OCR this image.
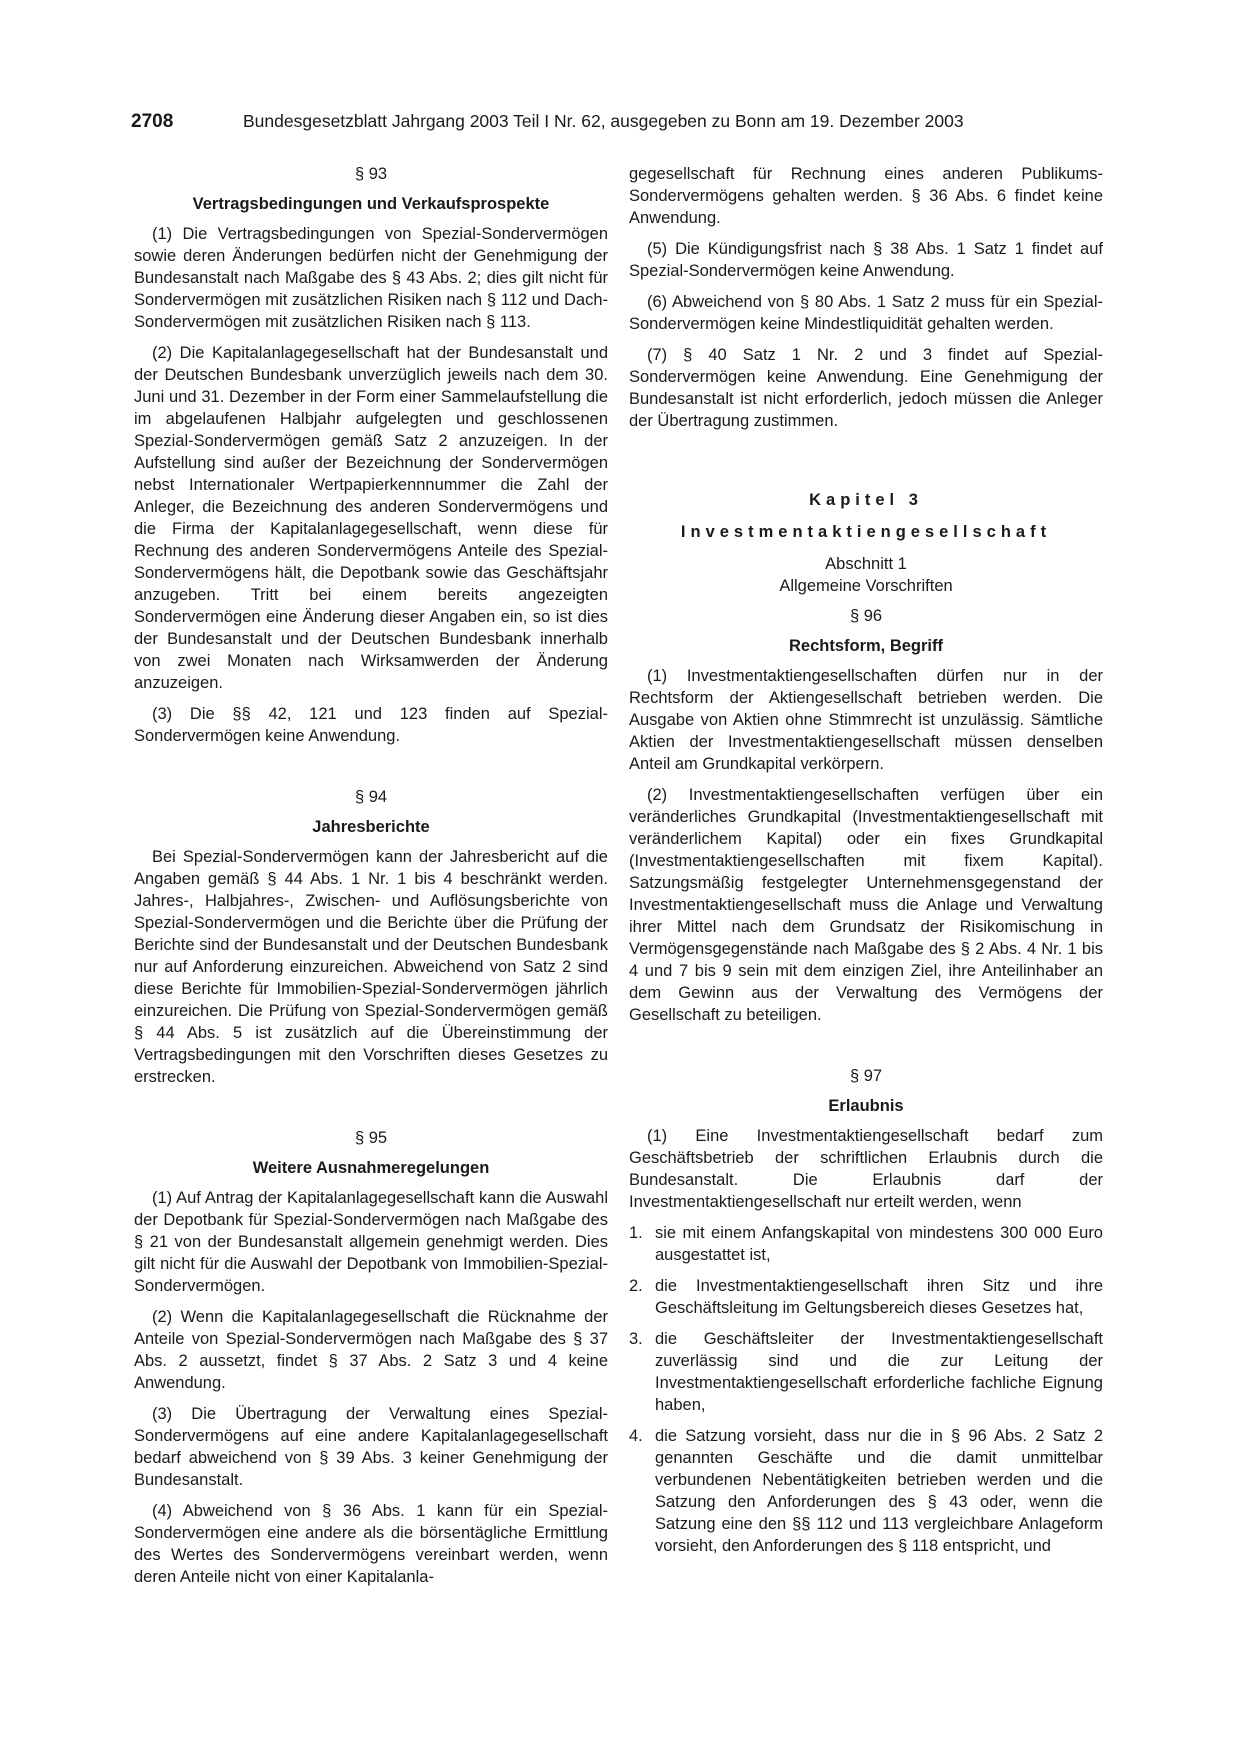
2708	Bundesgesetzblatt Jahrgang 2003 Teil I Nr. 62, ausgegeben zu Bonn am 19. Dezember 2003
§ 93
Vertragsbedingungen und Verkaufsprospekte

(1) Die Vertragsbedingungen von Spezial-Sondervermögen sowie deren Änderungen bedürfen nicht der Genehmigung der Bundesanstalt nach Maßgabe des § 43 Abs. 2; dies gilt nicht für Sondervermögen mit zusätzlichen Risiken nach § 112 und Dach-Sondervermögen mit zusätzlichen Risiken nach § 113.

(2) Die Kapitalanlagegesellschaft hat der Bundesanstalt und der Deutschen Bundesbank unverzüglich jeweils nach dem 30. Juni und 31. Dezember in der Form einer Sammelaufstellung die im abgelaufenen Halbjahr aufgelegten und geschlossenen Spezial-Sondervermögen gemäß Satz 2 anzuzeigen. In der Aufstellung sind außer der Bezeichnung der Sondervermögen nebst Internationaler Wertpapierkennnummer die Zahl der Anleger, die Bezeichnung des anderen Sondervermögens und die Firma der Kapitalanlagegesellschaft, wenn diese für Rechnung des anderen Sondervermögens Anteile des Spezial-Sondervermögens hält, die Depotbank sowie das Geschäftsjahr anzugeben. Tritt bei einem bereits angezeigten Sondervermögen eine Änderung dieser Angaben ein, so ist dies der Bundesanstalt und der Deutschen Bundesbank innerhalb von zwei Monaten nach Wirksamwerden der Änderung anzuzeigen.

(3) Die §§ 42, 121 und 123 finden auf Spezial-Sondervermögen keine Anwendung.

§ 94
Jahresberichte

Bei Spezial-Sondervermögen kann der Jahresbericht auf die Angaben gemäß § 44 Abs. 1 Nr. 1 bis 4 beschränkt werden. Jahres-, Halbjahres-, Zwischen- und Auflösungsberichte von Spezial-Sondervermögen und die Berichte über die Prüfung der Berichte sind der Bundesanstalt und der Deutschen Bundesbank nur auf Anforderung einzureichen. Abweichend von Satz 2 sind diese Berichte für Immobilien-Spezial-Sondervermögen jährlich einzureichen. Die Prüfung von Spezial-Sondervermögen gemäß § 44 Abs. 5 ist zusätzlich auf die Übereinstimmung der Vertragsbedingungen mit den Vorschriften dieses Gesetzes zu erstrecken.

§ 95
Weitere Ausnahmeregelungen

(1) Auf Antrag der Kapitalanlagegesellschaft kann die Auswahl der Depotbank für Spezial-Sondervermögen nach Maßgabe des § 21 von der Bundesanstalt allgemein genehmigt werden. Dies gilt nicht für die Auswahl der Depotbank von Immobilien-Spezial-Sondervermögen.

(2) Wenn die Kapitalanlagegesellschaft die Rücknahme der Anteile von Spezial-Sondervermögen nach Maßgabe des § 37 Abs. 2 aussetzt, findet § 37 Abs. 2 Satz 3 und 4 keine Anwendung.

(3) Die Übertragung der Verwaltung eines Spezial-Sondervermögens auf eine andere Kapitalanlagegesellschaft bedarf abweichend von § 39 Abs. 3 keiner Genehmigung der Bundesanstalt.

(4) Abweichend von § 36 Abs. 1 kann für ein Spezial-Sondervermögen eine andere als die börsentägliche Ermittlung des Wertes des Sondervermögens vereinbart werden, wenn deren Anteile nicht von einer Kapitalanla-

gegesellschaft für Rechnung eines anderen Publikums-Sondervermögens gehalten werden. § 36 Abs. 6 findet keine Anwendung.

(5) Die Kündigungsfrist nach § 38 Abs. 1 Satz 1 findet auf Spezial-Sondervermögen keine Anwendung.

(6) Abweichend von § 80 Abs. 1 Satz 2 muss für ein Spezial-Sondervermögen keine Mindestliquidität gehalten werden.

(7) § 40 Satz 1 Nr. 2 und 3 findet auf Spezial-Sondervermögen keine Anwendung. Eine Genehmigung der Bundesanstalt ist nicht erforderlich, jedoch müssen die Anleger der Übertragung zustimmen.

Kapitel 3
Investmentaktiengesellschaft
Abschnitt 1
Allgemeine Vorschriften
§ 96
Rechtsform, Begriff

(1) Investmentaktiengesellschaften dürfen nur in der Rechtsform der Aktiengesellschaft betrieben werden. Die Ausgabe von Aktien ohne Stimmrecht ist unzulässig. Sämtliche Aktien der Investmentaktiengesellschaft müssen denselben Anteil am Grundkapital verkörpern.

(2) Investmentaktiengesellschaften verfügen über ein veränderliches Grundkapital (Investmentaktiengesellschaft mit veränderlichem Kapital) oder ein fixes Grundkapital (Investmentaktiengesellschaften mit fixem Kapital). Satzungsmäßig festgelegter Unternehmensgegenstand der Investmentaktiengesellschaft muss die Anlage und Verwaltung ihrer Mittel nach dem Grundsatz der Risikomischung in Vermögensgegenstände nach Maßgabe des § 2 Abs. 4 Nr. 1 bis 4 und 7 bis 9 sein mit dem einzigen Ziel, ihre Anteilinhaber an dem Gewinn aus der Verwaltung des Vermögens der Gesellschaft zu beteiligen.

§ 97
Erlaubnis

(1) Eine Investmentaktiengesellschaft bedarf zum Geschäftsbetrieb der schriftlichen Erlaubnis durch die Bundesanstalt. Die Erlaubnis darf der Investmentaktiengesellschaft nur erteilt werden, wenn

1. sie mit einem Anfangskapital von mindestens 300 000 Euro ausgestattet ist,
2. die Investmentaktiengesellschaft ihren Sitz und ihre Geschäftsleitung im Geltungsbereich dieses Gesetzes hat,
3. die Geschäftsleiter der Investmentaktiengesellschaft zuverlässig sind und die zur Leitung der Investmentaktiengesellschaft erforderliche fachliche Eignung haben,
4. die Satzung vorsieht, dass nur die in § 96 Abs. 2 Satz 2 genannten Geschäfte und die damit unmittelbar verbundenen Nebentätigkeiten betrieben werden und die Satzung den Anforderungen des § 43 oder, wenn die Satzung eine den §§ 112 und 113 vergleichbare Anlageform vorsieht, den Anforderungen des § 118 entspricht, und
